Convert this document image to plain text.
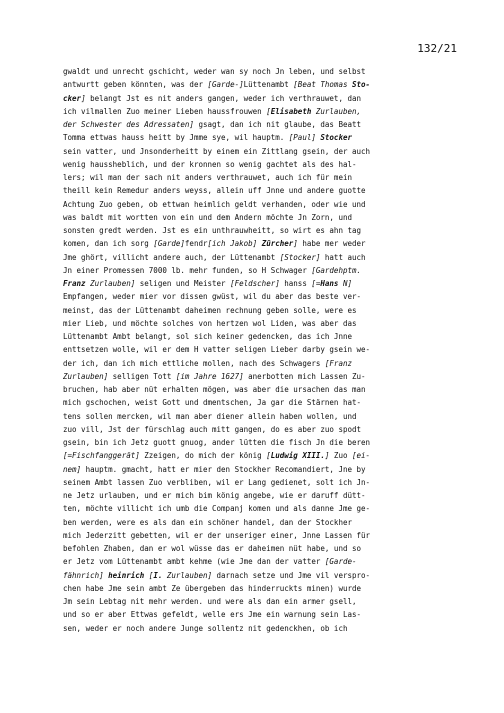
132/21
gwaldt und unrecht gschicht, weder wan sy noch Jn leben, und selbst
antwurtt geben könnten, was der [Garde-]Lüttenambt [Beat Thomas Sto-
cker] belangt Jst es nit anders gangen, weder ich verthrauwet, dan
ich vilmallen Zuo meiner Lieben haussfrouwen [Elisabeth Zurlauben,
der Schwester des Adressaten] gsagt, dan ich nit glaube, das Beatt
Tomma ettwas hauss heitt by Jmme sye, wil hauptm. [Paul] Stocker
sein vatter, und Jnsonderheitt by einem ein Zittlang gsein, der auch
wenig haussheblich, und der kronnen so wenig gachtet als des hal-
lers; wil man der sach nit anders verthrauwet, auch ich für mein
theill kein Remedur anders weyss, allein uff Jnne und andere guotte
Achtung Zuo geben, ob ettwan heimlich geldt verhanden, oder wie und
was baldt mit wortten von ein und dem Andern möchte Jn Zorn, und
sonsten gredt werden. Jst es ein unthrauwheitt, so wirt es ahn tag
komen, dan ich sorg [Garde]fendr[ich Jakob] Zürcher] habe mer weder
Jme ghört, villicht andere auch, der Lüttenambt [Stocker] hatt auch
Jn einer Promessen 7000 lb. mehr funden, so H Schwager [Gardehptm.
Franz Zurlauben] seligen und Meister [Feldscher] hanss [=Hans N]
Empfangen, weder mier vor dissen gwüst, wil du aber das beste ver-
meinst, das der Lüttenambt daheimen rechnung geben solle, were es
mier Lieb, und möchte solches von hertzen wol Liden, was aber das
Lüttenambt Ambt belangt, sol sich keiner gedencken, das ich Jnne
enttsetzen wolle, wil er dem H vatter seligen Lieber darby gsein we-
der ich, dan ich mich ettliche mollen, nach des Schwagers [Franz
Zurlauben] selligen Tott [im Jahre 1627] anerbotten mich Lassen Zu-
bruchen, hab aber nüt erhalten mögen, was aber die ursachen das man
mich gschochen, weist Gott und dmentschen, Ja gar die Stärnen hat-
tens sollen mercken, wil man aber diener allein haben wollen, und
zuo vill, Jst der fürschlag auch mitt gangen, do es aber zuo spodt
gsein, bin ich Jetz guott gnuog, ander lütten die fisch Jn die beren
[=Fischfanggerät] Zzeigen, do mich der könig [Ludwig XIII.] Zuo [ei-
nem] hauptm. gmacht, hatt er mier den Stockher Recomandiert, Jne by
seinem Ambt lassen Zuo verbliben, wil er Lang gedienet, solt ich Jn-
ne Jetz urlauben, und er mich bim könig angebe, wie er daruff dütt-
ten, möchte villicht ich umb die Companj komen und als danne Jme ge-
ben werden, were es als dan ein schöner handel, dan der Stockher
mich Jederzitt gebetten, wil er der unseriger einer, Jnne Lassen für
befohlen Zhaben, dan er wol wüsse das er daheimen nüt habe, und so
er Jetz vom Lüttenambt ambt kehme (wie Jme dan der vatter [Garde-
fähnrich] heinrich [I. Zurlauben] darnach setze und Jme vil verspro-
chen habe Jme sein ambt Ze übergeben das hinderruckts minen) wurde
Jm sein Lebtag nit mehr werden. und were als dan ein armer gsell,
und so er aber Ettwas gefeldt, welle ers Jme ein warnung sein Las-
sen, weder er noch andere Junge sollentz nit gedenckhen, ob ich
